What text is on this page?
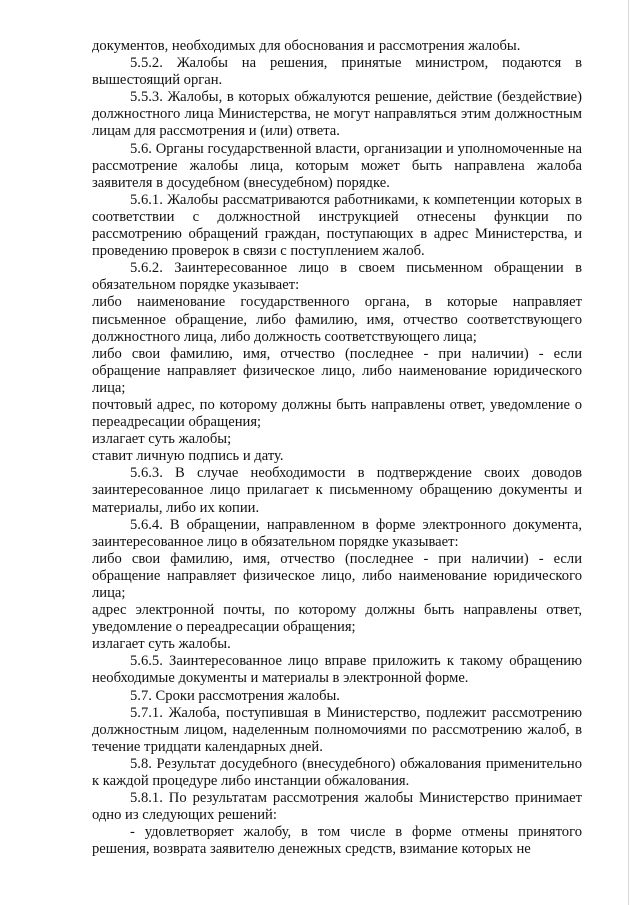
документов, необходимых для обоснования и рассмотрения жалобы.

5.5.2. Жалобы на решения, принятые министром, подаются в вышестоящий орган.

5.5.3. Жалобы, в которых обжалуются решение, действие (бездействие) должностного лица Министерства, не могут направляться этим должностным лицам для рассмотрения и (или) ответа.

5.6. Органы государственной власти, организации и уполномоченные на рассмотрение жалобы лица, которым может быть направлена жалоба заявителя в досудебном (внесудебном) порядке.

5.6.1. Жалобы рассматриваются работниками, к компетенции которых в соответствии с должностной инструкцией отнесены функции по рассмотрению обращений граждан, поступающих в адрес Министерства, и проведению проверок в связи с поступлением жалоб.

5.6.2. Заинтересованное лицо в своем письменном обращении в обязательном порядке указывает:

либо наименование государственного органа, в которые направляет письменное обращение, либо фамилию, имя, отчество соответствующего должностного лица, либо должность соответствующего лица;

либо свои фамилию, имя, отчество (последнее - при наличии) - если обращение направляет физическое лицо, либо наименование юридического лица;

почтовый адрес, по которому должны быть направлены ответ, уведомление о переадресации обращения;

излагает суть жалобы;

ставит личную подпись и дату.

5.6.3. В случае необходимости в подтверждение своих доводов заинтересованное лицо прилагает к письменному обращению документы и материалы, либо их копии.

5.6.4. В обращении, направленном в форме электронного документа, заинтересованное лицо в обязательном порядке указывает:

либо свои фамилию, имя, отчество (последнее - при наличии) - если обращение направляет физическое лицо, либо наименование юридического лица;

адрес электронной почты, по которому должны быть направлены ответ, уведомление о переадресации обращения;

излагает суть жалобы.

5.6.5. Заинтересованное лицо вправе приложить к такому обращению необходимые документы и материалы в электронной форме.

5.7. Сроки рассмотрения жалобы.

5.7.1. Жалоба, поступившая в Министерство, подлежит рассмотрению должностным лицом, наделенным полномочиями по рассмотрению жалоб, в течение тридцати календарных дней.

5.8. Результат досудебного (внесудебного) обжалования применительно к каждой процедуре либо инстанции обжалования.

5.8.1. По результатам рассмотрения жалобы Министерство принимает одно из следующих решений:

- удовлетворяет жалобу, в том числе в форме отмены принятого решения, возврата заявителю денежных средств, взимание которых не
